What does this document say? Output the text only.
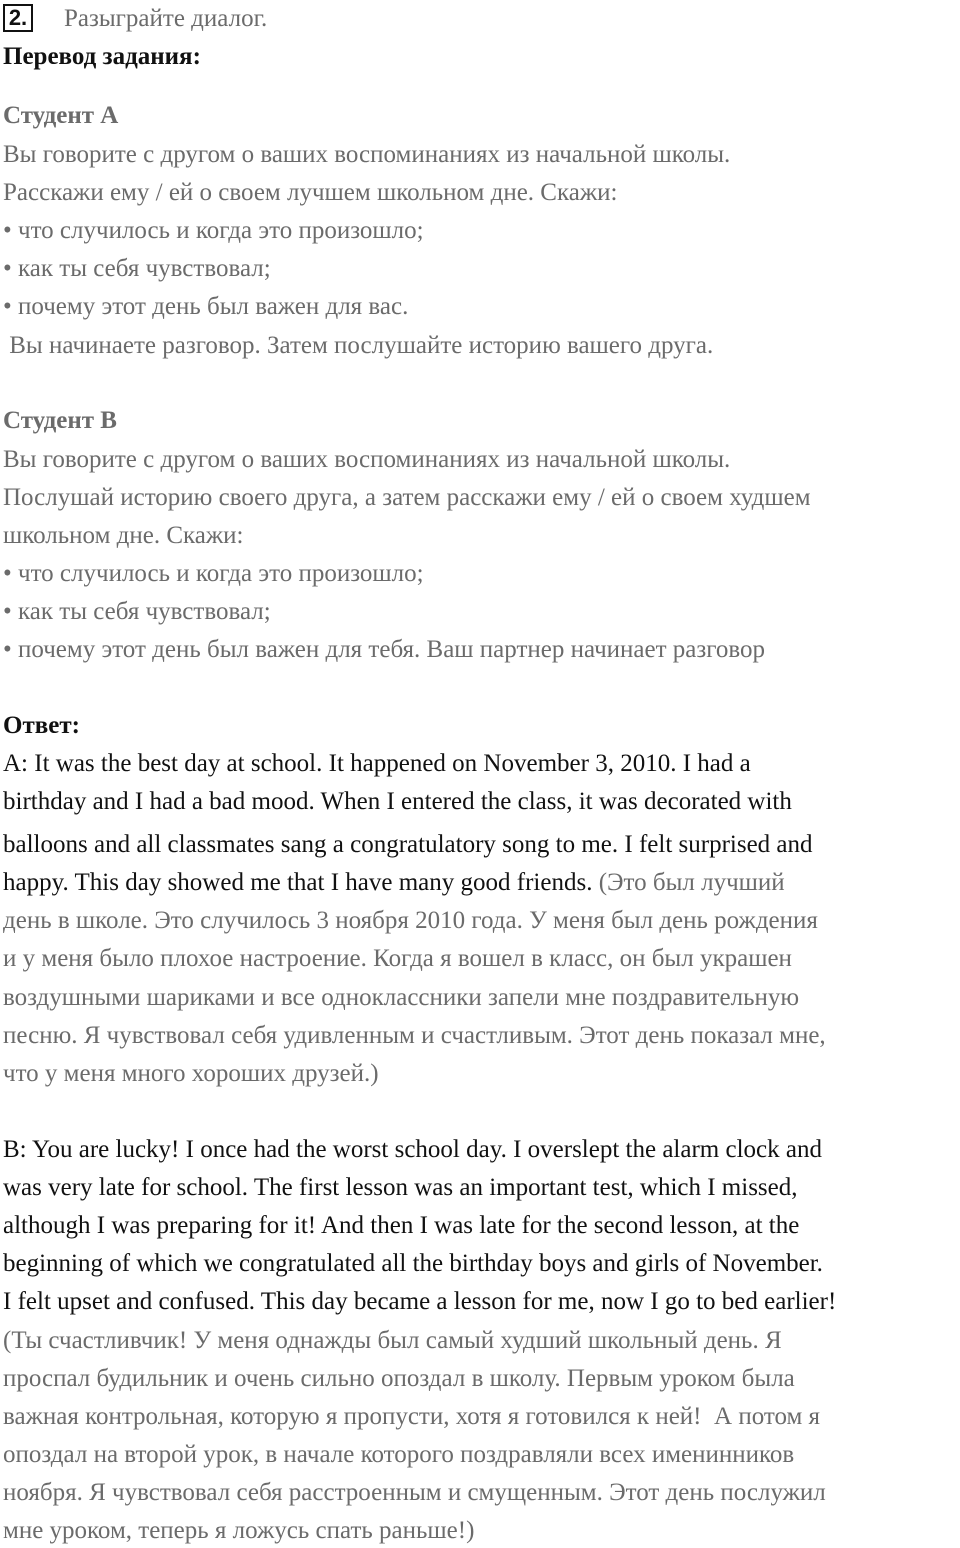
2. Разыграйте диалог.
Перевод задания:
Студент А
Вы говорите с другом о ваших воспоминаниях из начальной школы.
Расскажи ему / ей о своем лучшем школьном дне. Скажи:
• что случилось и когда это произошло;
• как ты себя чувствовал;
• почему этот день был важен для вас.
Вы начинаете разговор. Затем послушайте историю вашего друга.
Студент В
Вы говорите с другом о ваших воспоминаниях из начальной школы.
Послушай историю своего друга, а затем расскажи ему / ей о своем худшем
школьном дне. Скажи:
• что случилось и когда это произошло;
• как ты себя чувствовал;
• почему этот день был важен для тебя. Ваш партнер начинает разговор
Ответ:
A: It was the best day at school. It happened on November 3, 2010. I had a
birthday and I had a bad mood. When I entered the class, it was decorated with
balloons and all classmates sang a congratulatory song to me. I felt surprised and
happy. This day showed me that I have many good friends. (Это был лучший
день в школе. Это случилось 3 ноября 2010 года. У меня был день рождения
и у меня было плохое настроение. Когда я вошел в класс, он был украшен
воздушными шариками и все одноклассники запели мне поздравительную
песню. Я чувствовал себя удивленным и счастливым. Этот день показал мне,
что у меня много хороших друзей.)
B: You are lucky! I once had the worst school day. I overslept the alarm clock and
was very late for school. The first lesson was an important test, which I missed,
although I was preparing for it! And then I was late for the second lesson, at the
beginning of which we congratulated all the birthday boys and girls of November.
I felt upset and confused. This day became a lesson for me, now I go to bed earlier!
(Ты счастливчик! У меня однажды был самый худший школьный день. Я
проспал будильник и очень сильно опоздал в школу. Первым уроком была
важная контрольная, которую я пропусти, хотя я готовился к ней!  А потом я
опоздал на второй урок, в начале которого поздравляли всех именинников
ноября. Я чувствовал себя расстроенным и смущенным. Этот день послужил
мне уроком, теперь я ложусь спать раньше!)
